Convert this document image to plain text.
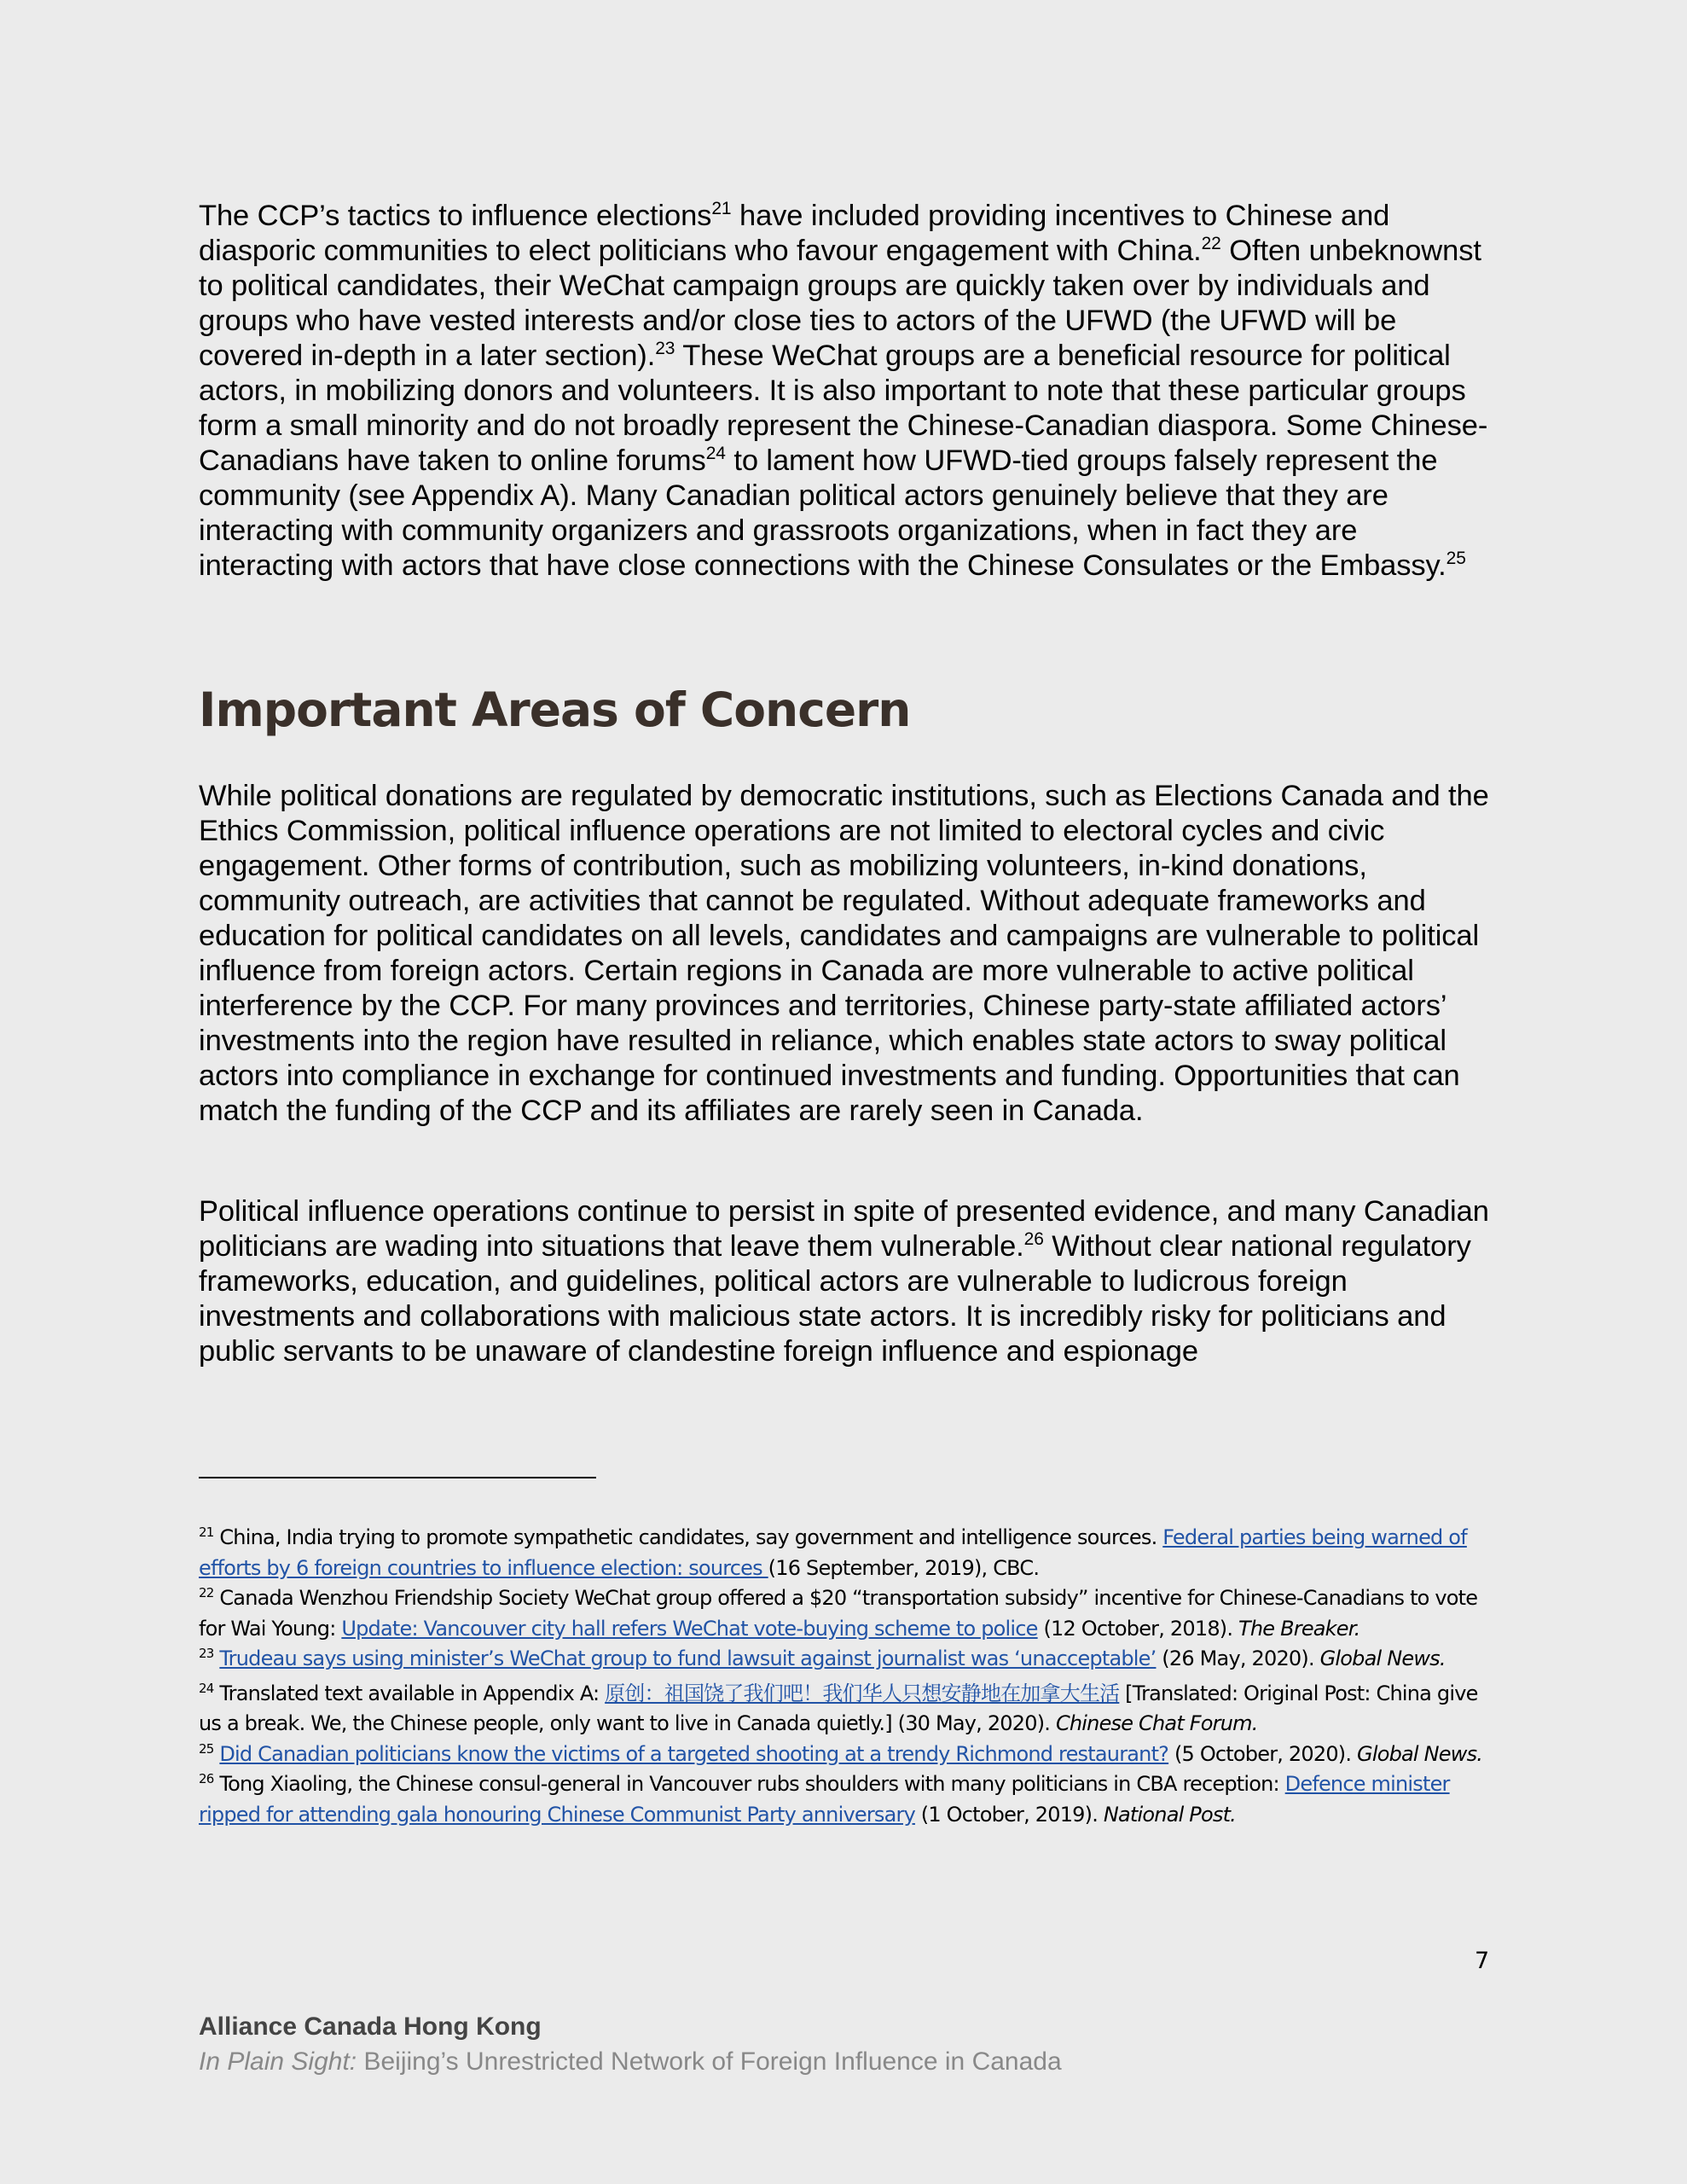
The CCP’s tactics to influence elections$^{21}$ have included providing incentives to Chinese and diasporic communities to elect politicians who favour engagement with China.$^{22}$ Often unbeknownst to political candidates, their WeChat campaign groups are quickly taken over by individuals and groups who have vested interests and/or close ties to actors of the UFWD (the UFWD will be covered in-depth in a later section).$^{23}$ These WeChat groups are a beneficial resource for political actors, in mobilizing donors and volunteers. It is also important to note that these particular groups form a small minority and do not broadly represent the Chinese-Canadian diaspora. Some Chinese-Canadians have taken to online forums$^{24}$ to lament how UFWD-tied groups falsely represent the community (see Appendix A). Many Canadian political actors genuinely believe that they are interacting with community organizers and grassroots organizations, when in fact they are interacting with actors that have close connections with the Chinese Consulates or the Embassy.$^{25}$

Important Areas of Concern

While political donations are regulated by democratic institutions, such as Elections Canada and the Ethics Commission, political influence operations are not limited to electoral cycles and civic engagement. Other forms of contribution, such as mobilizing volunteers, in-kind donations, community outreach, are activities that cannot be regulated. Without adequate frameworks and education for political candidates on all levels, candidates and campaigns are vulnerable to political influence from foreign actors. Certain regions in Canada are more vulnerable to active political interference by the CCP. For many provinces and territories, Chinese party-state affiliated actors’ investments into the region have resulted in reliance, which enables state actors to sway political actors into compliance in exchange for continued investments and funding. Opportunities that can match the funding of the CCP and its affiliates are rarely seen in Canada.

Political influence operations continue to persist in spite of presented evidence, and many Canadian politicians are wading into situations that leave them vulnerable.$^{26}$ Without clear national regulatory frameworks, education, and guidelines, political actors are vulnerable to ludicrous foreign investments and collaborations with malicious state actors. It is incredibly risky for politicians and public servants to be unaware of clandestine foreign influence and espionage

$^{21}$ China, India trying to promote sympathetic candidates, say government and intelligence sources. Federal parties being warned of efforts by 6 foreign countries to influence election: sources (16 September, 2019), CBC.

$^{22}$ Canada Wenzhou Friendship Society WeChat group offered a $20 “transportation subsidy” incentive for Chinese-Canadians to vote for Wai Young: Update: Vancouver city hall refers WeChat vote-buying scheme to police (12 October, 2018). The Breaker.

$^{23}$ Trudeau says using minister’s WeChat group to fund lawsuit against journalist was ‘unacceptable’ (26 May, 2020). Global News.

$^{24}$ Translated text available in Appendix A: 原创：祖国饶了我们吧！我们华人只想安静地在加拿大生活 [Translated: Original Post: China give us a break. We, the Chinese people, only want to live in Canada quietly.] (30 May, 2020). Chinese Chat Forum.

$^{25}$ Did Canadian politicians know the victims of a targeted shooting at a trendy Richmond restaurant? (5 October, 2020). Global News.

$^{26}$ Tong Xiaoling, the Chinese consul-general in Vancouver rubs shoulders with many politicians in CBA reception: Defence minister ripped for attending gala honouring Chinese Communist Party anniversary (1 October, 2019). National Post.

7

Alliance Canada Hong Kong

In Plain Sight: Beijing’s Unrestricted Network of Foreign Influence in Canada
